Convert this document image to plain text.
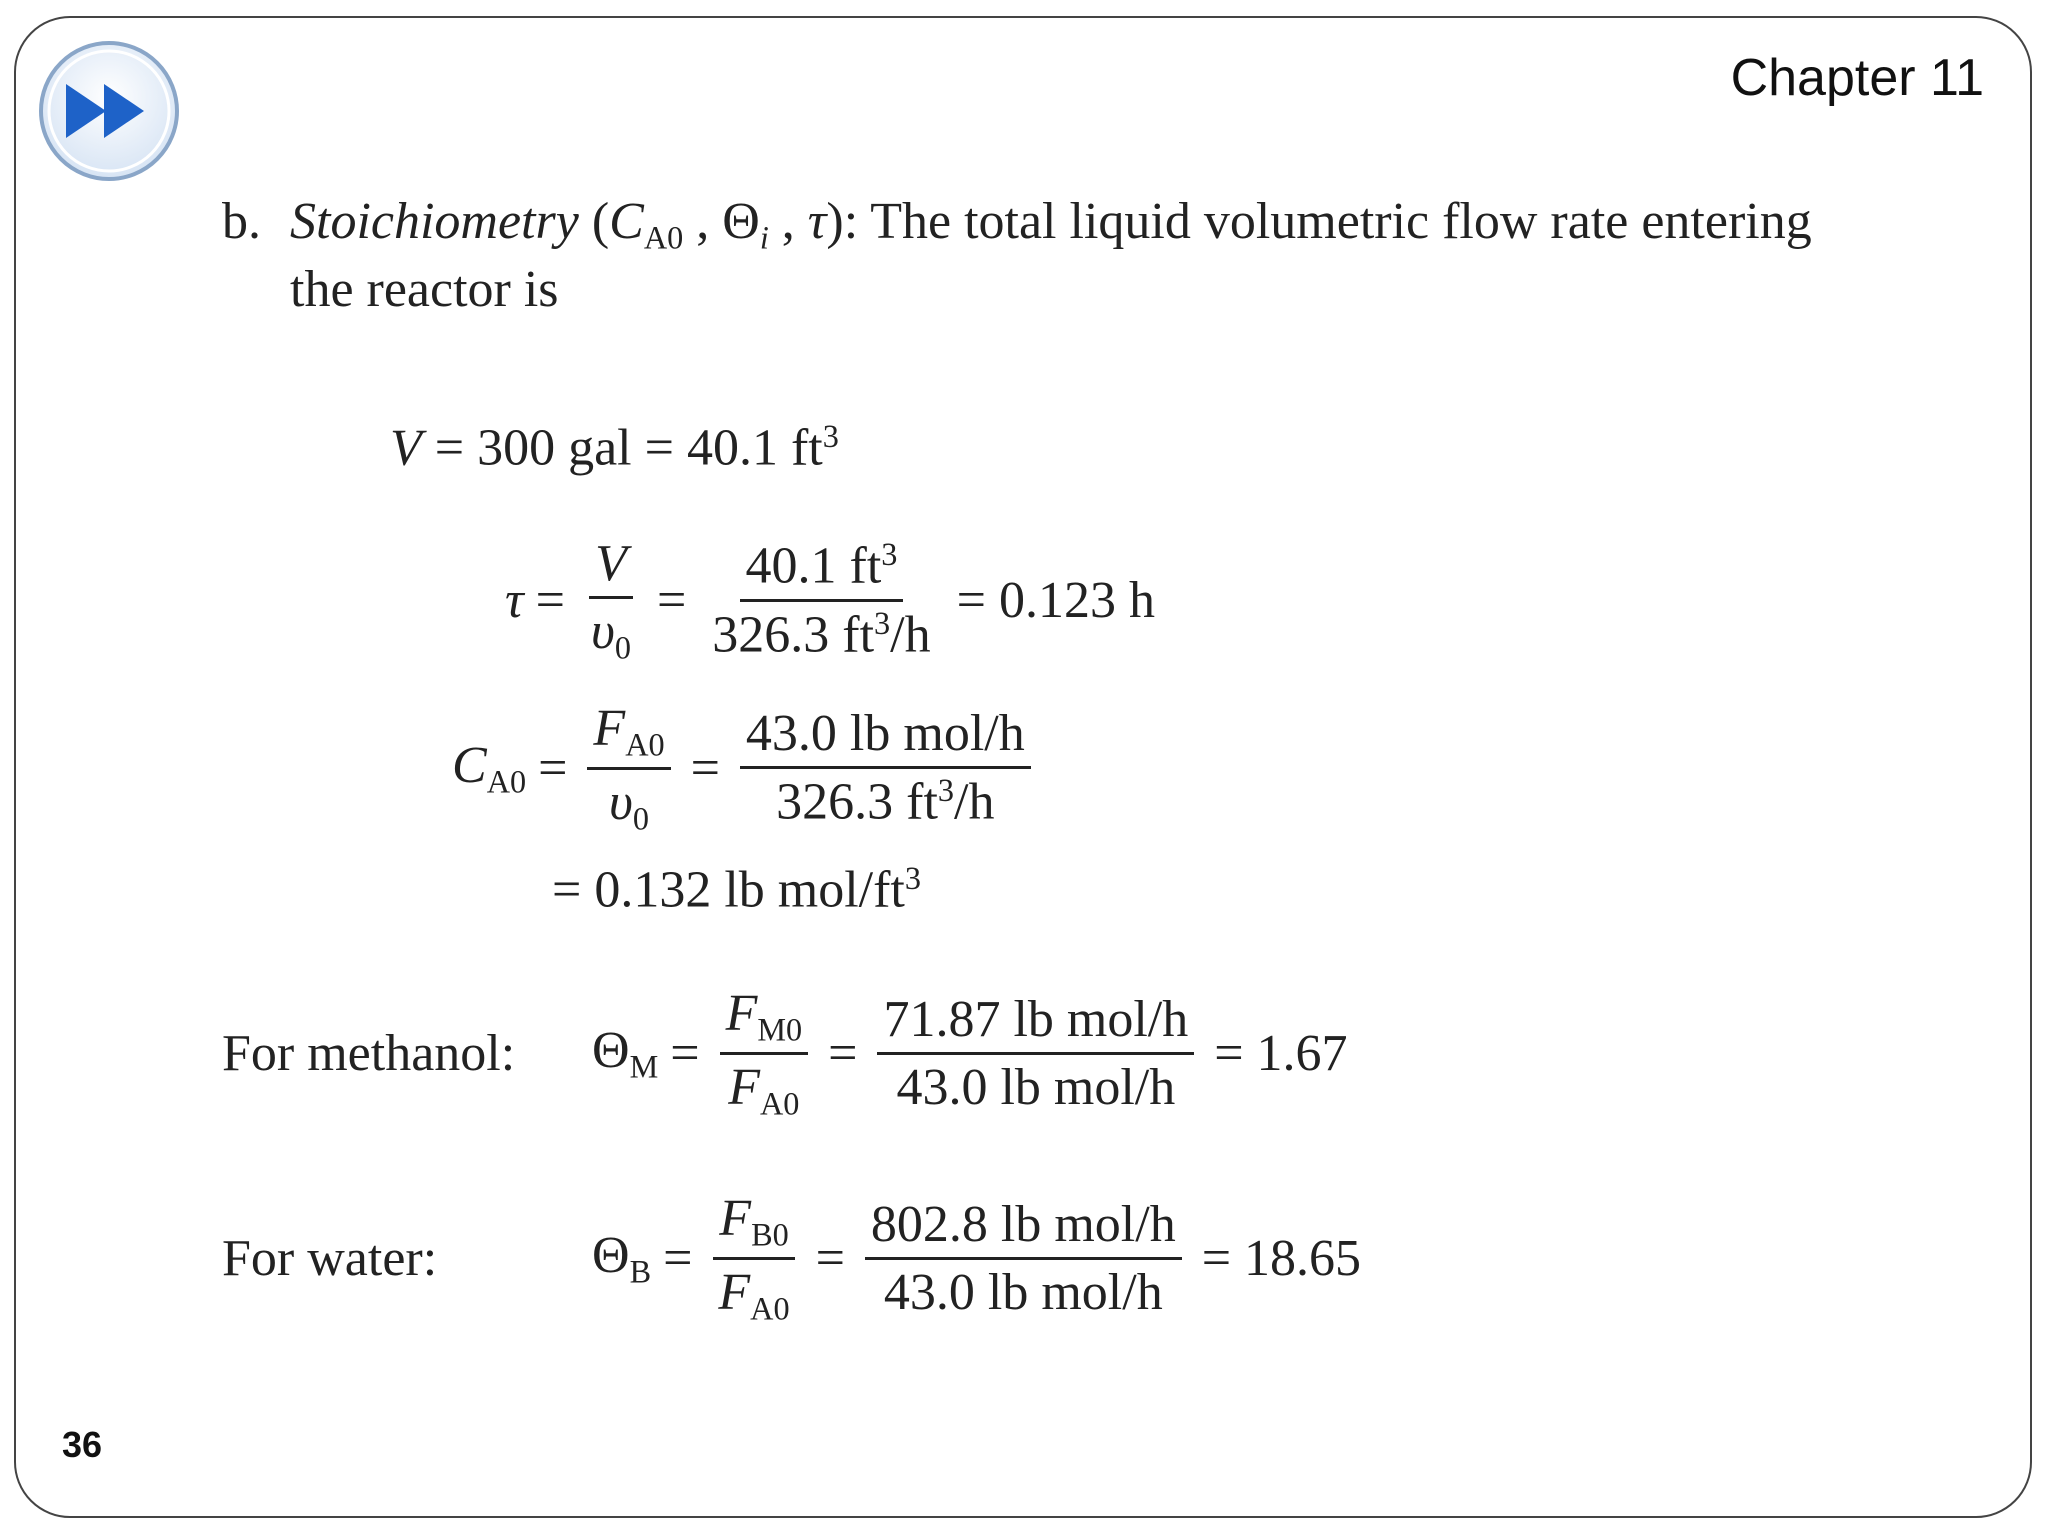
Chapter 11
b. Stoichiometry ($C_{A0}$ , $\Theta_i$ , τ): The total liquid volumetric flow rate entering
the reactor is
V = 300 gal = 40.1 $ft^3$
$\tau = \frac{V}{\upsilon_0} = \frac{40.1 ft^3}{326.3 ft^3/h} = 0.123$ h
$C_{A0} = \frac{F_{A0}}{\upsilon_0} = \frac{\text{43.0 lb mol/h}}{326.3 ft^3/h}$
= 0.132 lb mol/$ft^3$
For methanol:	$\Theta_M = \frac{F_{M0}}{F_{A0}} = \frac{\text{71.87 lb mol/h}}{\text{43.0 lb mol/h}} = 1.67$
For water:	$\Theta_B = \frac{F_{B0}}{F_{A0}} = \frac{\text{802.8 lb mol/h}}{\text{43.0 lb mol/h}} = 18.65$
36
